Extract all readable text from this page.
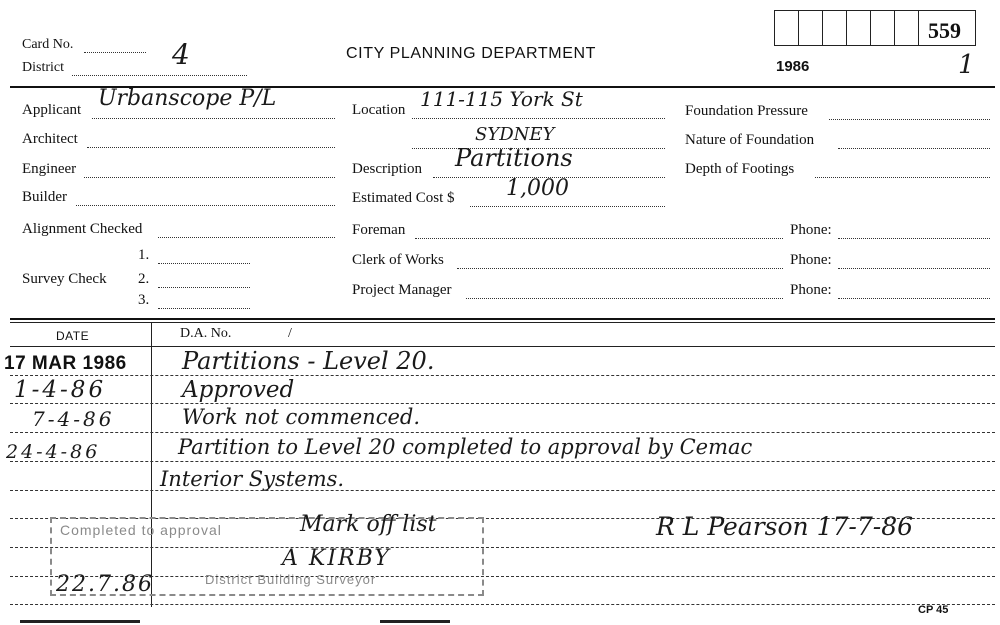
Card No.
District	4	CITY PLANNING DEPARTMENT
1986	1
559
Applicant Urbanscope P/L
Architect
Engineer
Builder
Alignment Checked
Survey Check
1.
2.
3.
Location 111-115 York St
SYDNEY
Description Partitions
Estimated Cost $ 1,000
Foreman
Clerk of Works
Project Manager
Phone:
Phone:
Phone:
Foundation Pressure
Nature of Foundation
Depth of Footings
DATE	D.A. No.	/
17 MAR 1986 Partitions - Level 20.
1-4-86	Approved
7-4-86	Work not commenced.
24-4-86	Partition to Level 20 completed to approval by Cemac
Interior Systems.
Completed to approval
District Building Surveyor
Mark off list	R L Pearson 17-7-86
A KIRBY
22.7.86
CP 45
